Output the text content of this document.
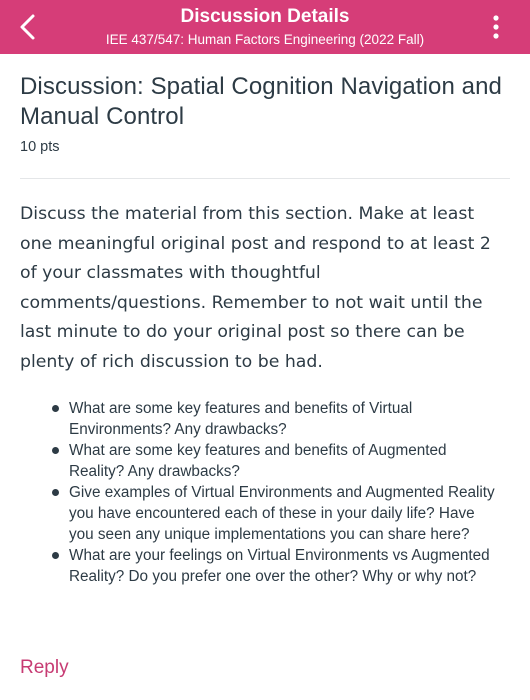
Discussion Details
IEE 437/547: Human Factors Engineering (2022 Fall)
Discussion: Spatial Cognition Navigation and Manual Control
10 pts

Discuss the material from this section. Make at least one meaningful original post and respond to at least 2 of your classmates with thoughtful comments/questions. Remember to not wait until the last minute to do your original post so there can be plenty of rich discussion to be had.

What are some key features and benefits of Virtual Environments? Any drawbacks?
What are some key features and benefits of Augmented Reality? Any drawbacks?
Give examples of Virtual Environments and Augmented Reality you have encountered each of these in your daily life? Have you seen any unique implementations you can share here?
What are your feelings on Virtual Environments vs Augmented Reality? Do you prefer one over the other? Why or why not?
Reply
